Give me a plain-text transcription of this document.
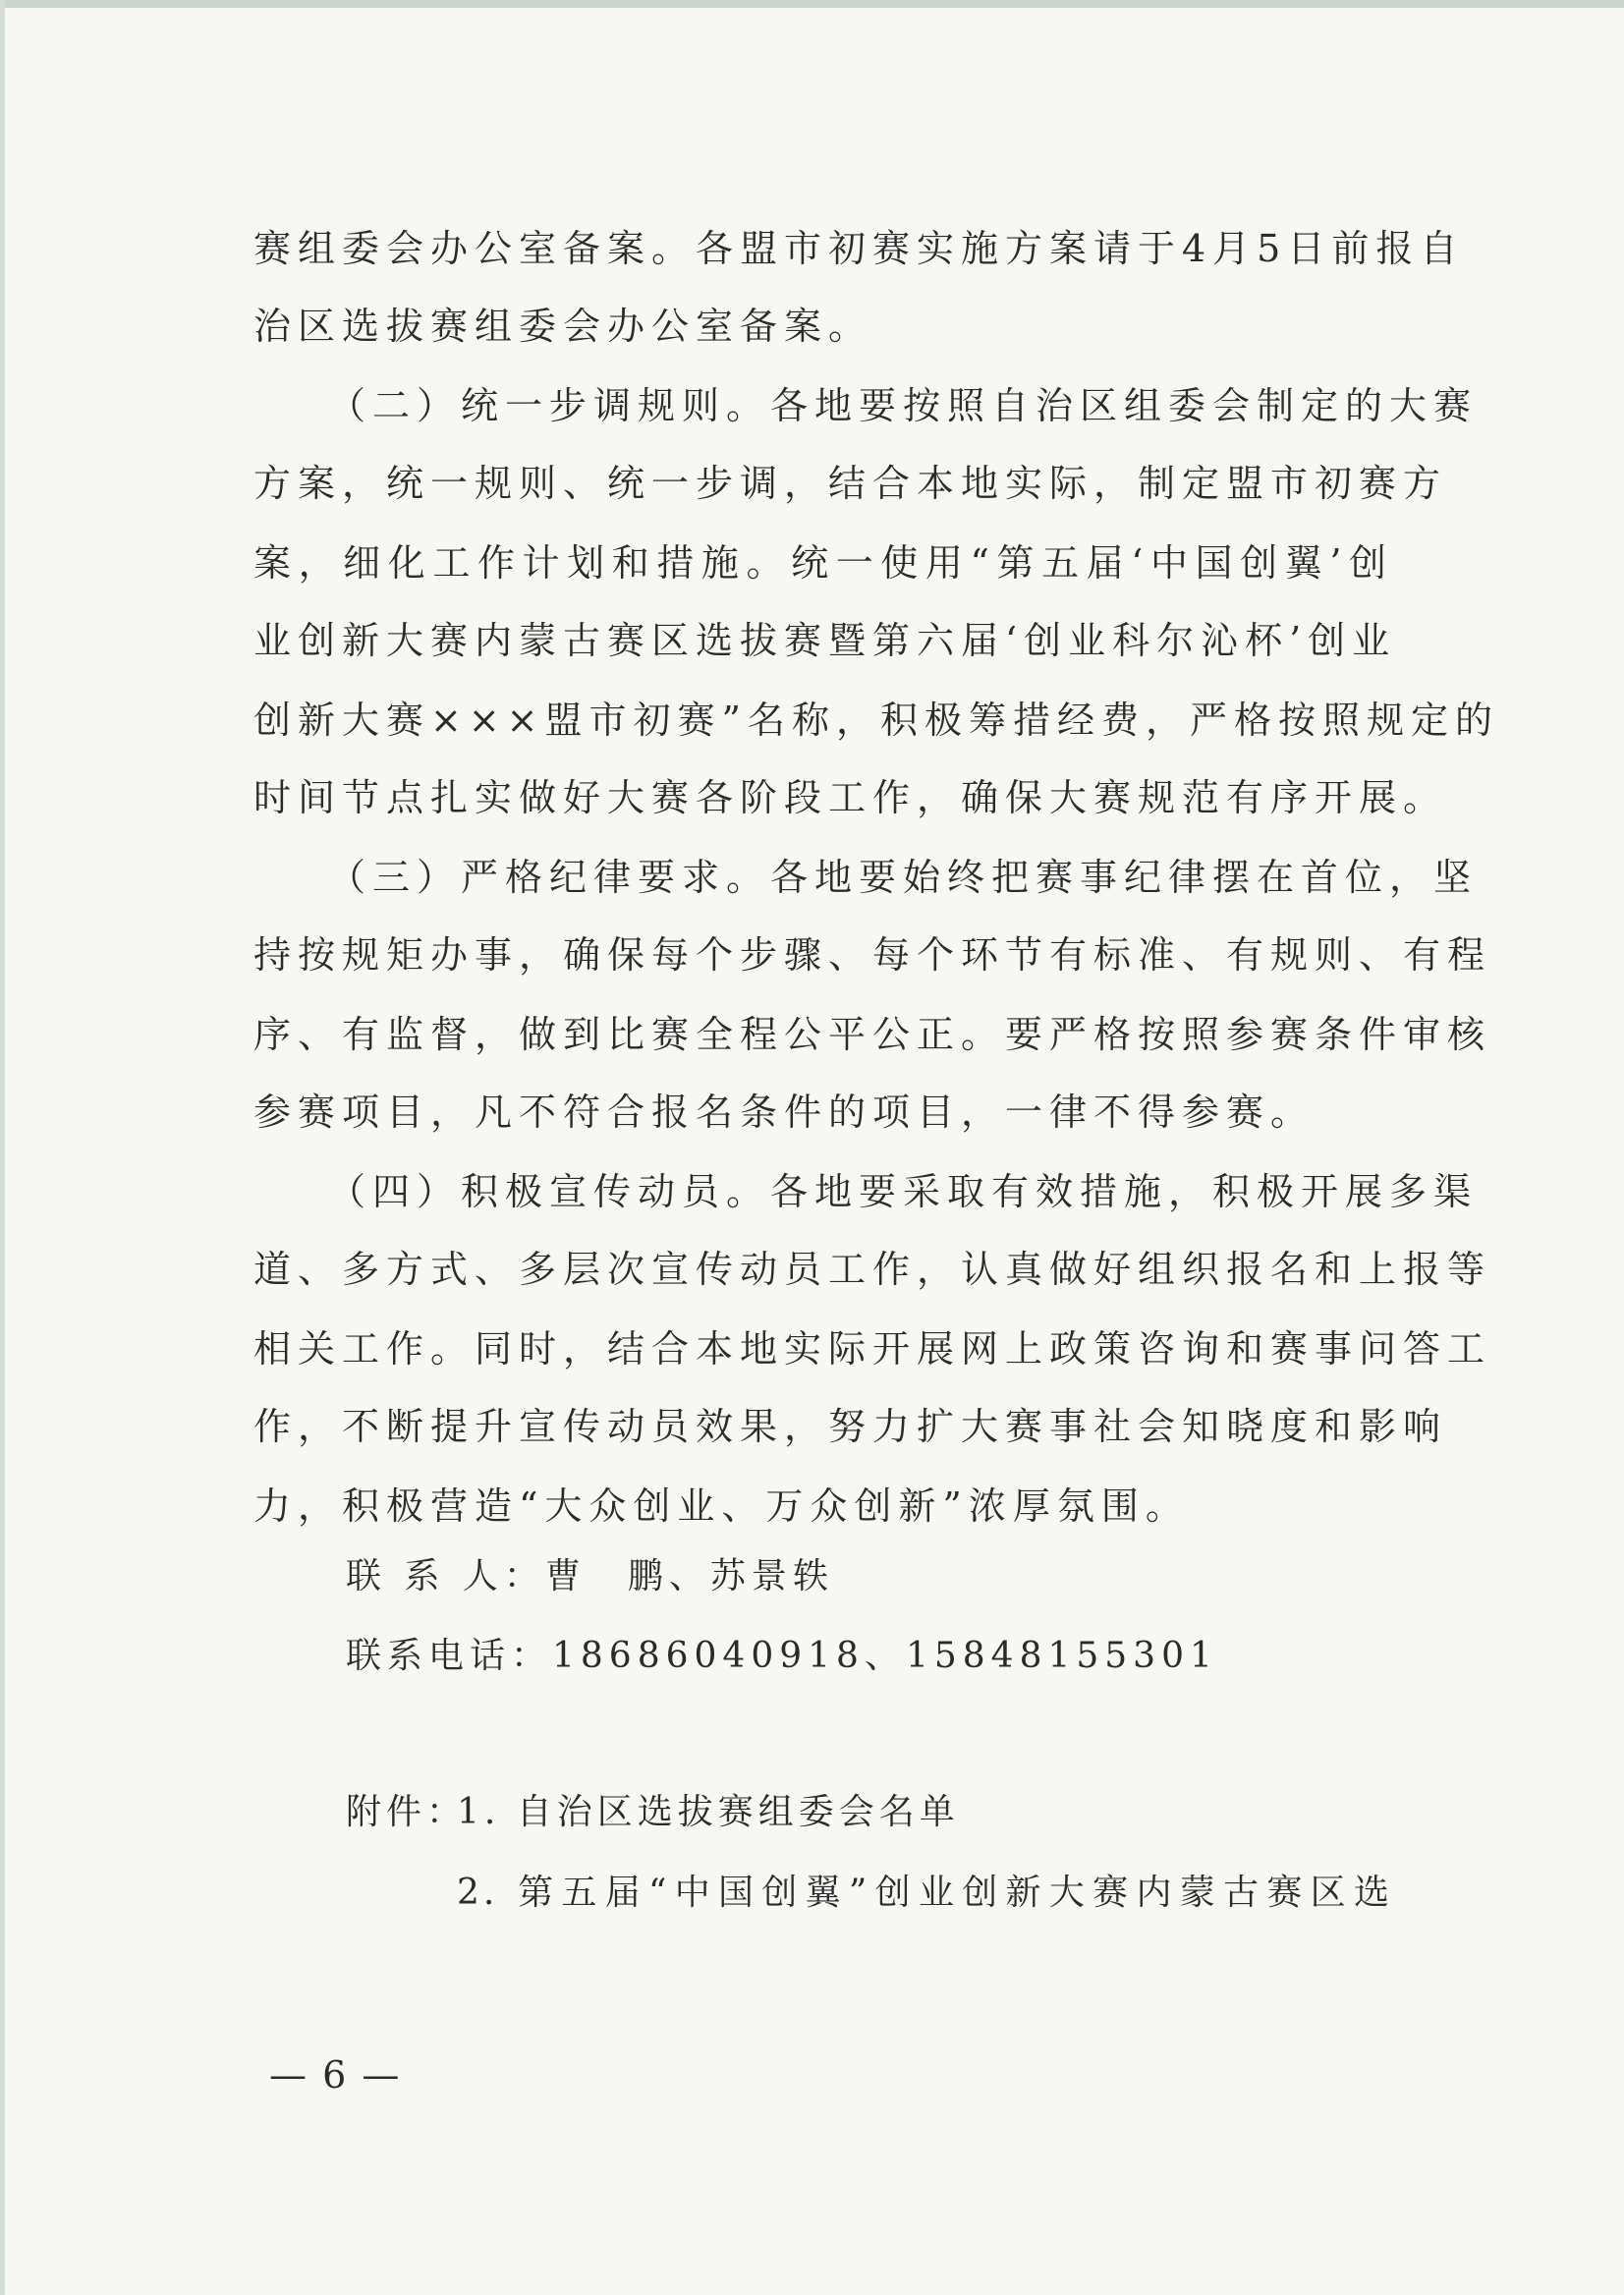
赛组委会办公室备案。各盟市初赛实施方案请于4月5日前报自
治区选拔赛组委会办公室备案。
（二）统一步调规则。各地要按照自治区组委会制定的大赛
方案，统一规则、统一步调，结合本地实际，制定盟市初赛方
案，细化工作计划和措施。统一使用“第五届‘中国创翼’创
业创新大赛内蒙古赛区选拔赛暨第六届‘创业科尔沁杯’创业
创新大赛×××盟市初赛”名称，积极筹措经费，严格按照规定的
时间节点扎实做好大赛各阶段工作，确保大赛规范有序开展。
（三）严格纪律要求。各地要始终把赛事纪律摆在首位，坚
持按规矩办事，确保每个步骤、每个环节有标准、有规则、有程
序、有监督，做到比赛全程公平公正。要严格按照参赛条件审核
参赛项目，凡不符合报名条件的项目，一律不得参赛。
（四）积极宣传动员。各地要采取有效措施，积极开展多渠
道、多方式、多层次宣传动员工作，认真做好组织报名和上报等
相关工作。同时，结合本地实际开展网上政策咨询和赛事问答工
作，不断提升宣传动员效果，努力扩大赛事社会知晓度和影响
力，积极营造“大众创业、万众创新”浓厚氛围。
联 系 人：曹　鹏、苏景轶
联系电话：18686040918、15848155301
附件：
1. 自治区选拔赛组委会名单
2. 第五届“中国创翼”创业创新大赛内蒙古赛区选
— 6 —
